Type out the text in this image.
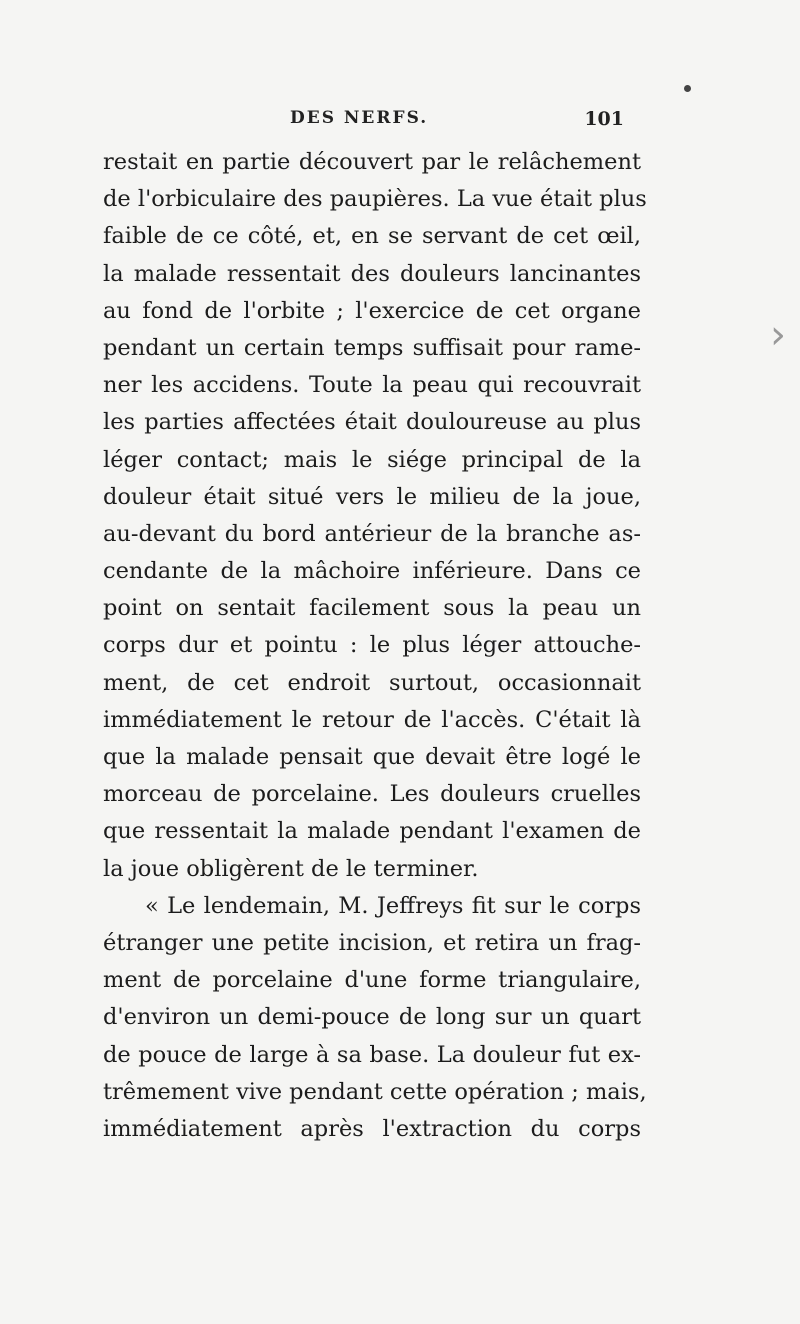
›
DES NERFS.	101
restait en partie découvert par le relâchement
de l'orbiculaire des paupières. La vue était plus
faible de ce côté, et, en se servant de cet œil,
la malade ressentait des douleurs lancinantes
au fond de l'orbite ; l'exercice de cet organe
pendant un certain temps suffisait pour rame-
ner les accidens. Toute la peau qui recouvrait
les parties affectées était douloureuse au plus
léger contact; mais le siége principal de la
douleur était situé vers le milieu de la joue,
au-devant du bord antérieur de la branche as-
cendante de la mâchoire inférieure. Dans ce
point on sentait facilement sous la peau un
corps dur et pointu : le plus léger attouche-
ment, de cet endroit surtout, occasionnait
immédiatement le retour de l'accès. C'était là
que la malade pensait que devait être logé le
morceau de porcelaine. Les douleurs cruelles
que ressentait la malade pendant l'examen de
la joue obligèrent de le terminer.
« Le lendemain, M. Jeffreys fit sur le corps
étranger une petite incision, et retira un frag-
ment de porcelaine d'une forme triangulaire,
d'environ un demi-pouce de long sur un quart
de pouce de large à sa base. La douleur fut ex-
trêmement vive pendant cette opération ; mais,
immédiatement après l'extraction du corps
